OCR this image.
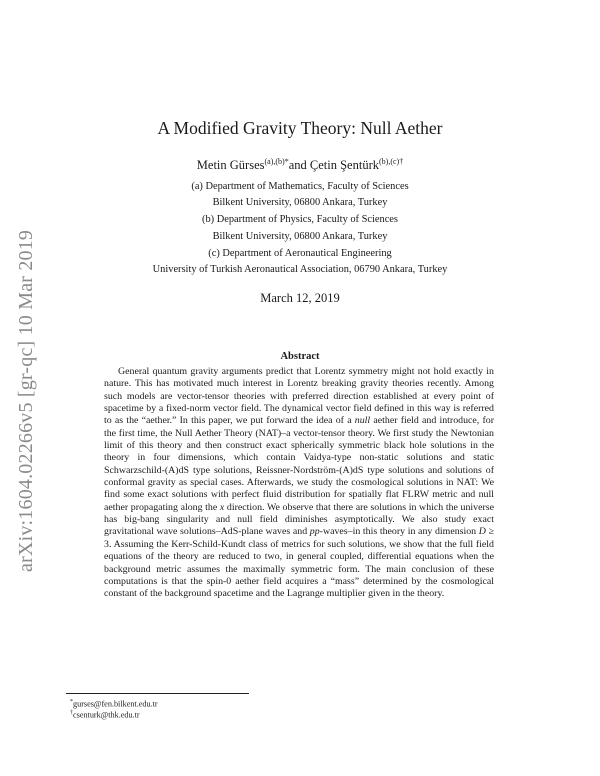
arXiv:1604.02266v5 [gr-qc] 10 Mar 2019
A Modified Gravity Theory: Null Aether
Metin Gürses$^{(a),(b)*}$and Çetin Şentürk$^{(b),(c)\dagger}$
(a) Department of Mathematics, Faculty of Sciences
Bilkent University, 06800 Ankara, Turkey
(b) Department of Physics, Faculty of Sciences
Bilkent University, 06800 Ankara, Turkey
(c) Department of Aeronautical Engineering
University of Turkish Aeronautical Association, 06790 Ankara, Turkey
March 12, 2019
Abstract

General quantum gravity arguments predict that Lorentz symmetry might not hold exactly in nature. This has motivated much interest in Lorentz breaking gravity theories recently. Among such models are vector-tensor theories with preferred direction established at every point of spacetime by a fixed-norm vector field. The dynamical vector field defined in this way is referred to as the “aether.” In this paper, we put forward the idea of a null aether field and introduce, for the first time, the Null Aether Theory (NAT)–a vector-tensor theory. We first study the Newtonian limit of this theory and then construct exact spherically symmetric black hole solutions in the theory in four dimensions, which contain Vaidya-type non-static solutions and static Schwarzschild-(A)dS type solutions, Reissner-Nordström-(A)dS type solutions and solutions of conformal gravity as special cases. Afterwards, we study the cosmological solutions in NAT: We find some exact solutions with perfect fluid distribution for spatially flat FLRW metric and null aether propagating along the x direction. We observe that there are solutions in which the universe has big-bang singularity and null field diminishes asymptotically. We also study exact gravitational wave solutions–AdS-plane waves and pp-waves–in this theory in any dimension D ≥ 3. Assuming the Kerr-Schild-Kundt class of metrics for such solutions, we show that the full field equations of the theory are reduced to two, in general coupled, differential equations when the background metric assumes the maximally symmetric form. The main conclusion of these computations is that the spin-0 aether field acquires a “mass” determined by the cosmological constant of the background spacetime and the Lagrange multiplier given in the theory.

*gurses@fen.bilkent.edu.tr
†csenturk@thk.edu.tr
